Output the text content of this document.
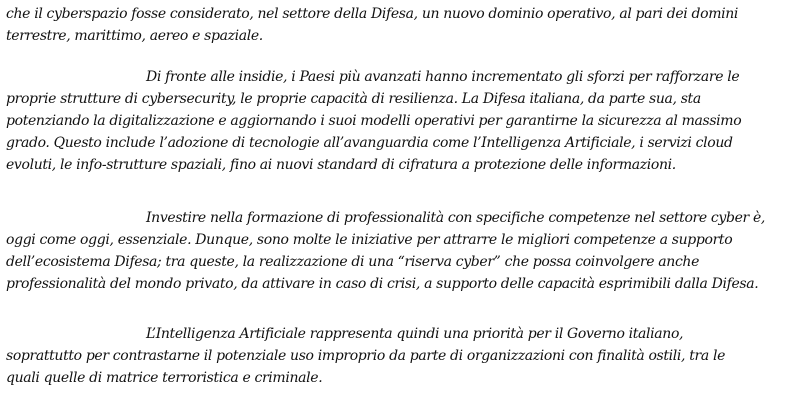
che il cyberspazio fosse considerato, nel settore della Difesa, un nuovo dominio operativo, al pari dei domini
terrestre, marittimo, aereo e spaziale.
Di fronte alle insidie, i Paesi più avanzati hanno incrementato gli sforzi per rafforzare le
proprie strutture di cybersecurity, le proprie capacità di resilienza. La Difesa italiana, da parte sua, sta
potenziando la digitalizzazione e aggiornando i suoi modelli operativi per garantirne la sicurezza al massimo
grado. Questo include l’adozione di tecnologie all’avanguardia come l’Intelligenza Artificiale, i servizi cloud
evoluti, le info-strutture spaziali, fino ai nuovi standard di cifratura a protezione delle informazioni.
Investire nella formazione di professionalità con specifiche competenze nel settore cyber è,
oggi come oggi, essenziale. Dunque, sono molte le iniziative per attrarre le migliori competenze a supporto
dell’ecosistema Difesa; tra queste, la realizzazione di una “riserva cyber” che possa coinvolgere anche
professionalità del mondo privato, da attivare in caso di crisi, a supporto delle capacità esprimibili dalla Difesa.
L’Intelligenza Artificiale rappresenta quindi una priorità per il Governo italiano,
soprattutto per contrastarne il potenziale uso improprio da parte di organizzazioni con finalità ostili, tra le
quali quelle di matrice terroristica e criminale.
